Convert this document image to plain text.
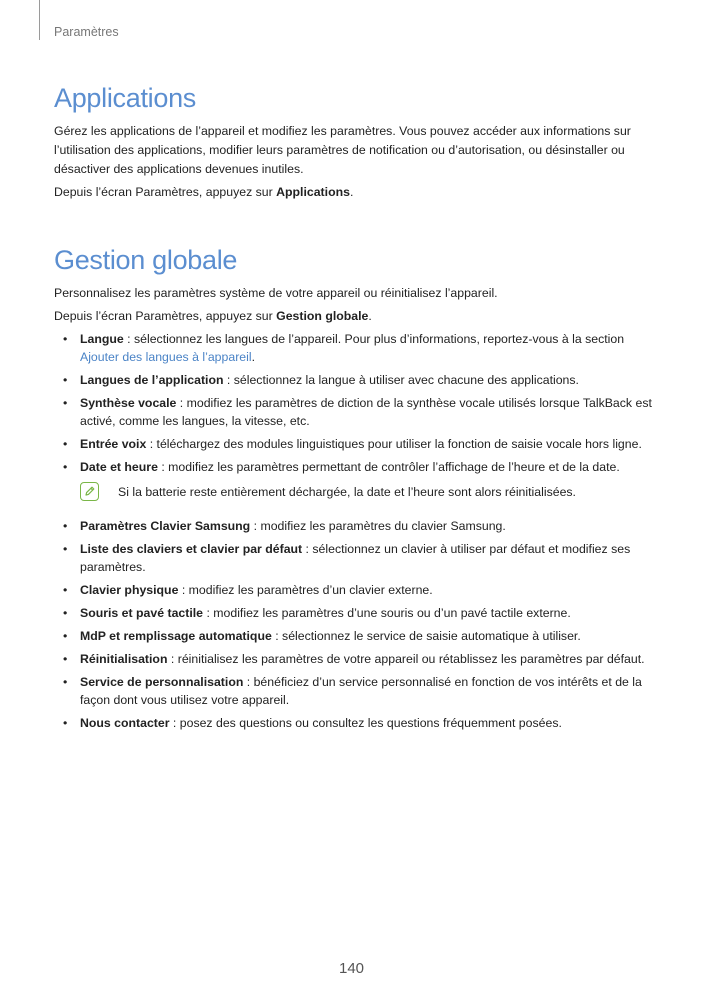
Paramètres
Applications

Gérez les applications de l’appareil et modifiez les paramètres. Vous pouvez accéder aux informations sur l’utilisation des applications, modifier leurs paramètres de notification ou d’autorisation, ou désinstaller ou désactiver des applications devenues inutiles.

Depuis l’écran Paramètres, appuyez sur Applications.

Gestion globale

Personnalisez les paramètres système de votre appareil ou réinitialisez l’appareil.

Depuis l’écran Paramètres, appuyez sur Gestion globale.

• Langue : sélectionnez les langues de l’appareil. Pour plus d’informations, reportez-vous à la section Ajouter des langues à l’appareil.
• Langues de l’application : sélectionnez la langue à utiliser avec chacune des applications.
• Synthèse vocale : modifiez les paramètres de diction de la synthèse vocale utilisés lorsque TalkBack est activé, comme les langues, la vitesse, etc.
• Entrée voix : téléchargez des modules linguistiques pour utiliser la fonction de saisie vocale hors ligne.
• Date et heure : modifiez les paramètres permettant de contrôler l’affichage de l’heure et de la date.
Si la batterie reste entièrement déchargée, la date et l’heure sont alors réinitialisées.
• Paramètres Clavier Samsung : modifiez les paramètres du clavier Samsung.
• Liste des claviers et clavier par défaut : sélectionnez un clavier à utiliser par défaut et modifiez ses paramètres.
• Clavier physique : modifiez les paramètres d’un clavier externe.
• Souris et pavé tactile : modifiez les paramètres d’une souris ou d’un pavé tactile externe.
• MdP et remplissage automatique : sélectionnez le service de saisie automatique à utiliser.
• Réinitialisation : réinitialisez les paramètres de votre appareil ou rétablissez les paramètres par défaut.
• Service de personnalisation : bénéficiez d’un service personnalisé en fonction de vos intérêts et de la façon dont vous utilisez votre appareil.
• Nous contacter : posez des questions ou consultez les questions fréquemment posées.
140
